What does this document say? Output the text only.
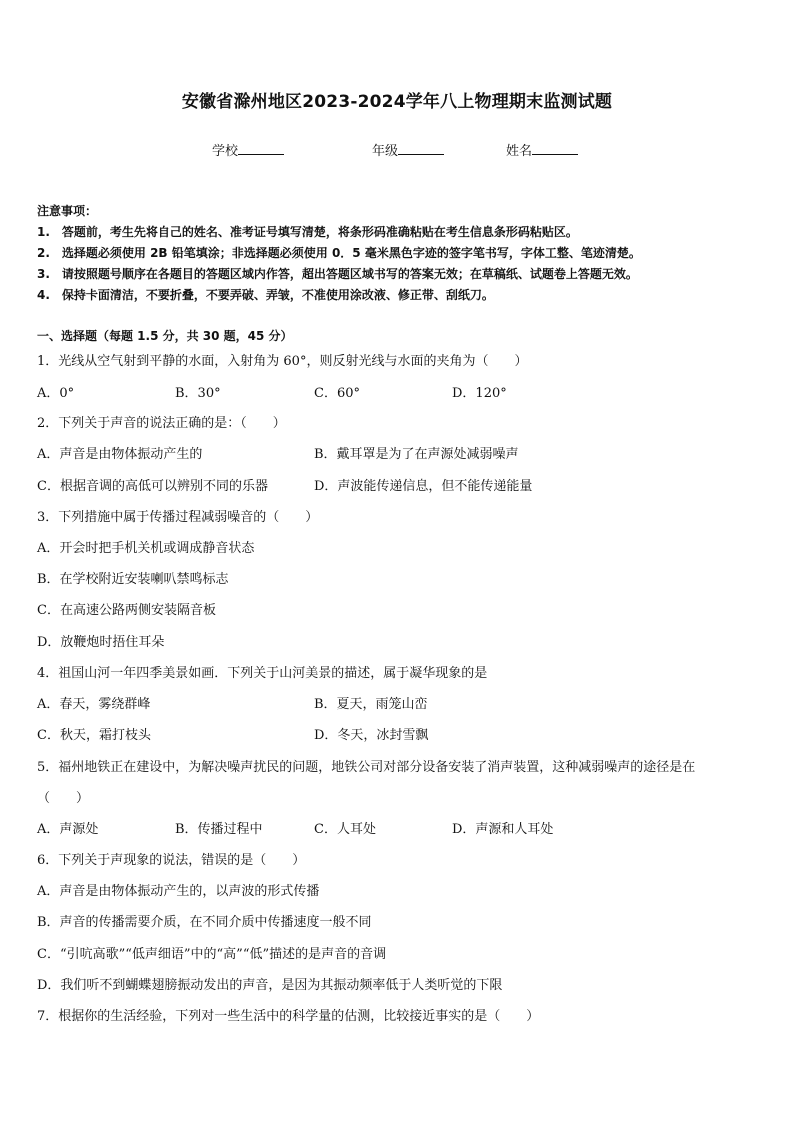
安徽省滁州地区2023-2024学年八上物理期末监测试题
学校	年级	姓名
注意事项：
1.　答题前，考生先将自己的姓名、准考证号填写清楚，将条形码准确粘贴在考生信息条形码粘贴区。
2.　选择题必须使用 2B 铅笔填涂；非选择题必须使用 0．5 毫米黑色字迹的签字笔书写，字体工整、笔迹清楚。
3.　请按照题号顺序在各题目的答题区域内作答，超出答题区域书写的答案无效；在草稿纸、试题卷上答题无效。
4.　保持卡面清洁，不要折叠，不要弄破、弄皱，不准使用涂改液、修正带、刮纸刀。
一、选择题（每题 1.5 分，共 30 题，45 分）
1．光线从空气射到平静的水面，入射角为 60°，则反射光线与水面的夹角为（　　）
A．0°	B．30°	C．60°	D．120°
2．下列关于声音的说法正确的是：（　　）
A．声音是由物体振动产生的	B．戴耳罩是为了在声源处减弱噪声
C．根据音调的高低可以辨别不同的乐器	D．声波能传递信息，但不能传递能量
3．下列措施中属于传播过程减弱噪音的（　　）
A．开会时把手机关机或调成静音状态
B．在学校附近安装喇叭禁鸣标志
C．在高速公路两侧安装隔音板
D．放鞭炮时捂住耳朵
4．祖国山河一年四季美景如画．下列关于山河美景的描述，属于凝华现象的是
A．春天，雾绕群峰	B．夏天，雨笼山峦
C．秋天，霜打枝头	D．冬天，冰封雪飘
5．福州地铁正在建设中，为解决噪声扰民的问题，地铁公司对部分设备安装了消声装置，这种减弱噪声的途径是在
（　　）
A．声源处	B．传播过程中	C．人耳处	D．声源和人耳处
6．下列关于声现象的说法，错误的是（　　）
A．声音是由物体振动产生的，以声波的形式传播
B．声音的传播需要介质，在不同介质中传播速度一般不同
C．“引吭高歌”“低声细语”中的“高”“低”描述的是声音的音调
D．我们听不到蝴蝶翅膀振动发出的声音，是因为其振动频率低于人类听觉的下限
7．根据你的生活经验，下列对一些生活中的科学量的估测，比较接近事实的是（　　）
